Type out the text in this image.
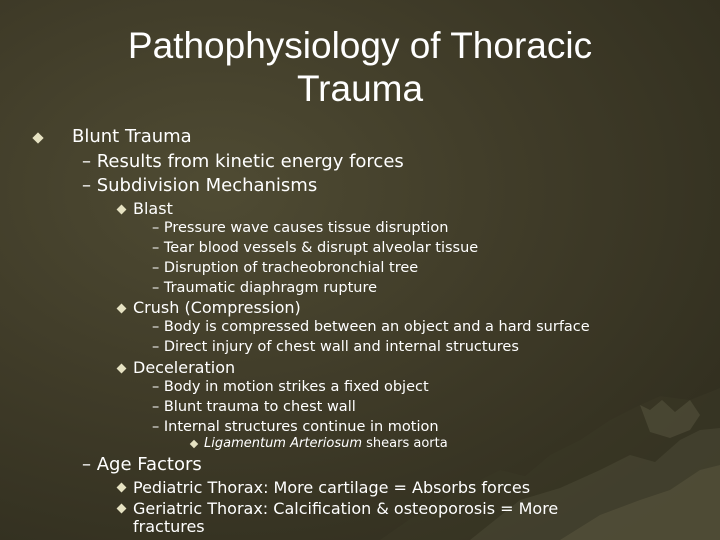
Pathophysiology of Thoracic
Trauma
Blunt Trauma
– Results from kinetic energy forces
– Subdivision Mechanisms
Blast
– Pressure wave causes tissue disruption
– Tear blood vessels & disrupt alveolar tissue
– Disruption of tracheobronchial tree
– Traumatic diaphragm rupture
Crush (Compression)
– Body is compressed between an object and a hard surface
– Direct injury of chest wall and internal structures
Deceleration
– Body in motion strikes a fixed object
– Blunt trauma to chest wall
– Internal structures continue in motion
Ligamentum Arteriosum shears aorta
– Age Factors
Pediatric Thorax: More cartilage = Absorbs forces
Geriatric Thorax: Calcification & osteoporosis = More
fractures
